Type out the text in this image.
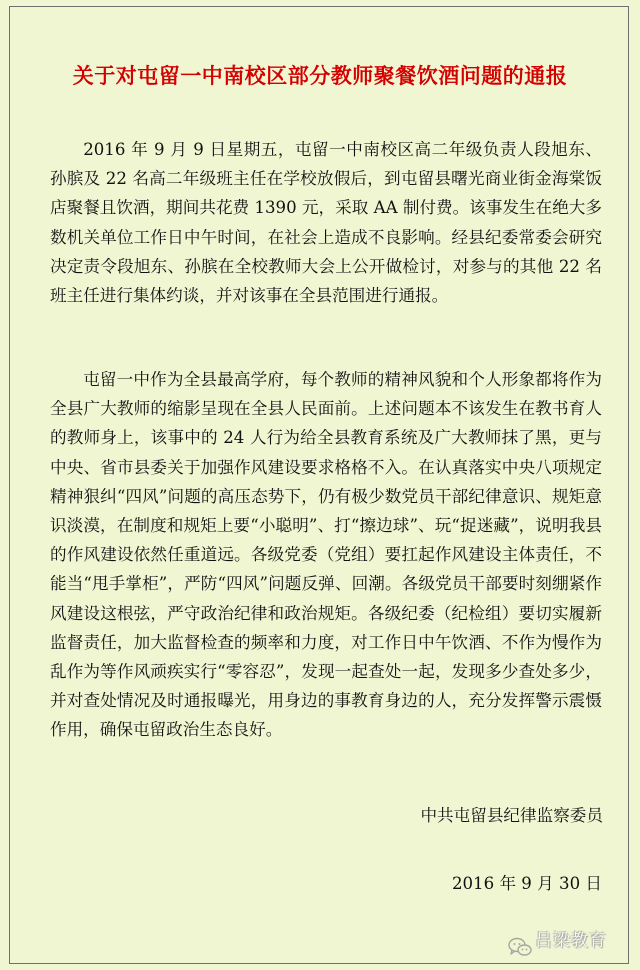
关于对屯留一中南校区部分教师聚餐饮酒问题的通报

2016 年 9 月 9 日星期五，屯留一中南校区高二年级负责人段旭东、孙膑及 22 名高二年级班主任在学校放假后，到屯留县曙光商业街金海棠饭店聚餐且饮酒，期间共花费 1390 元，采取 AA 制付费。该事发生在绝大多数机关单位工作日中午时间，在社会上造成不良影响。经县纪委常委会研究决定责令段旭东、孙膑在全校教师大会上公开做检讨，对参与的其他 22 名班主任进行集体约谈，并对该事在全县范围进行通报。

屯留一中作为全县最高学府，每个教师的精神风貌和个人形象都将作为全县广大教师的缩影呈现在全县人民面前。上述问题本不该发生在教书育人的教师身上，该事中的 24 人行为给全县教育系统及广大教师抹了黑，更与中央、省市县委关于加强作风建设要求格格不入。在认真落实中央八项规定精神狠纠“四风”问题的高压态势下，仍有极少数党员干部纪律意识、规矩意识淡漠，在制度和规矩上要“小聪明”、打“擦边球”、玩“捉迷藏”，说明我县的作风建设依然任重道远。各级党委（党组）要扛起作风建设主体责任，不能当“甩手掌柜”，严防“四风”问题反弹、回潮。各级党员干部要时刻绷紧作风建设这根弦，严守政治纪律和政治规矩。各级纪委（纪检组）要切实履新监督责任，加大监督检查的频率和力度，对工作日中午饮酒、不作为慢作为乱作为等作风顽疾实行“零容忍”，发现一起查处一起，发现多少查处多少，并对查处情况及时通报曝光，用身边的事教育身边的人，充分发挥警示震慑作用，确保屯留政治生态良好。

中共屯留县纪律监察委员
2016 年 9 月 30 日
吕梁教育
